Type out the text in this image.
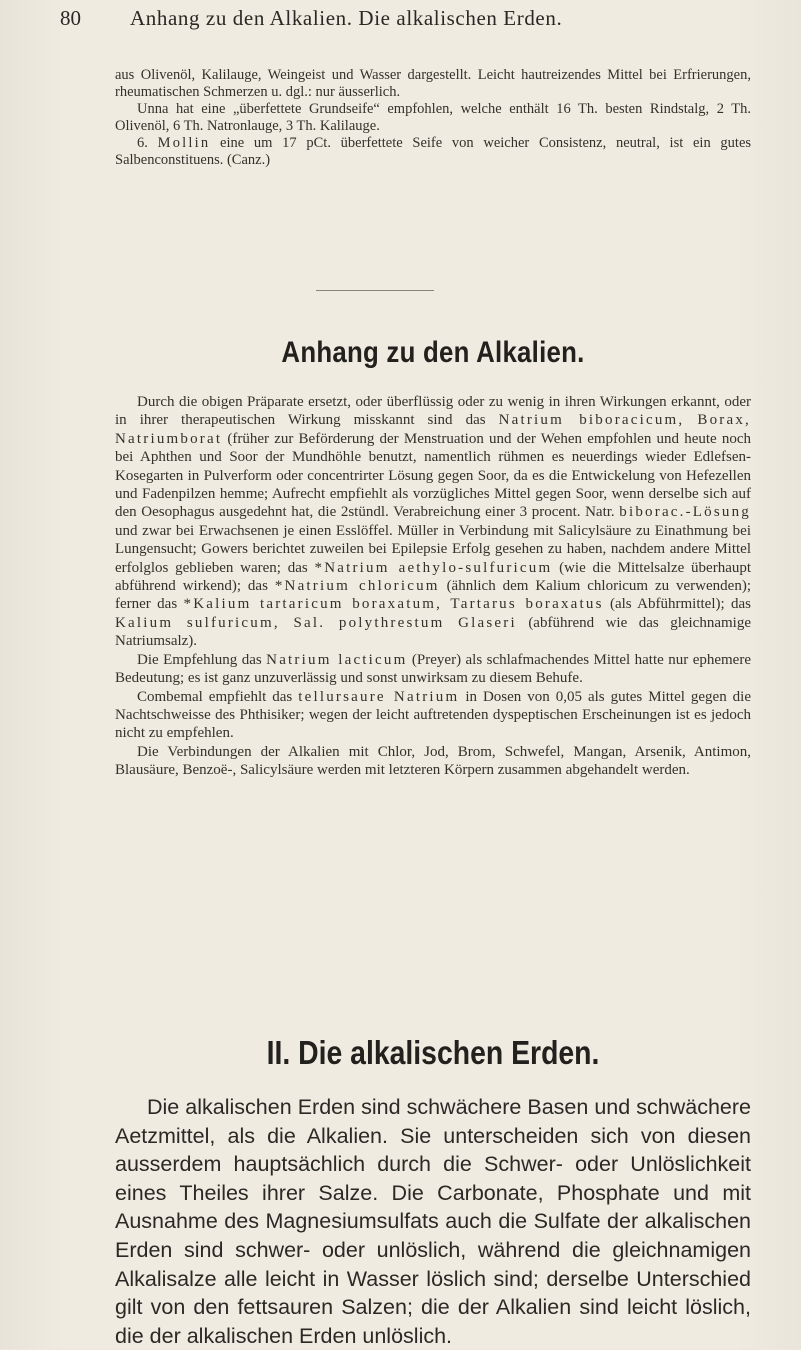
80 Anhang zu den Alkalien. Die alkalischen Erden.

aus Olivenöl, Kalilauge, Weingeist und Wasser dargestellt. Leicht hautreizendes Mittel bei Erfrierungen, rheumatischen Schmerzen u. dgl.: nur äusserlich.

Unna hat eine „überfettete Grundseife“ empfohlen, welche enthält 16 Th. besten Rindstalg, 2 Th. Olivenöl, 6 Th. Natronlauge, 3 Th. Kalilauge.

6. Mollin eine um 17 pCt. überfettete Seife von weicher Consistenz, neutral, ist ein gutes Salbenconstituens. (Canz.)

Anhang zu den Alkalien.

Durch die obigen Präparate ersetzt, oder überflüssig oder zu wenig in ihren Wirkungen erkannt, oder in ihrer therapeutischen Wirkung misskannt sind das Natrium biboracicum, Borax, Natriumborat (früher zur Beförderung der Menstruation und der Wehen empfohlen und heute noch bei Aphthen und Soor der Mundhöhle benutzt, namentlich rühmen es neuerdings wieder Edlefsen-Kosegarten in Pulverform oder concentrirter Lösung gegen Soor, da es die Entwickelung von Hefezellen und Fadenpilzen hemme; Aufrecht empfiehlt als vorzügliches Mittel gegen Soor, wenn derselbe sich auf den Oesophagus ausgedehnt hat, die 2stündl. Verabreichung einer 3 procent. Natr. biborac.-Lösung und zwar bei Erwachsenen je einen Esslöffel. Müller in Verbindung mit Salicylsäure zu Einathmung bei Lungensucht; Gowers berichtet zuweilen bei Epilepsie Erfolg gesehen zu haben, nachdem andere Mittel erfolglos geblieben waren; das *Natrium aethylo-sulfuricum (wie die Mittelsalze überhaupt abführend wirkend); das *Natrium chloricum (ähnlich dem Kalium chloricum zu verwenden); ferner das *Kalium tartaricum boraxatum, Tartarus boraxatus (als Abführmittel); das Kalium sulfuricum, Sal. polythrestum Glaseri (abführend wie das gleichnamige Natriumsalz).

Die Empfehlung das Natrium lacticum (Preyer) als schlafmachendes Mittel hatte nur ephemere Bedeutung; es ist ganz unzuverlässig und sonst unwirksam zu diesem Behufe.

Combemal empfiehlt das tellursaure Natrium in Dosen von 0,05 als gutes Mittel gegen die Nachtschweisse des Phthisiker; wegen der leicht auftretenden dyspeptischen Erscheinungen ist es jedoch nicht zu empfehlen.

Die Verbindungen der Alkalien mit Chlor, Jod, Brom, Schwefel, Mangan, Arsenik, Antimon, Blausäure, Benzoë-, Salicylsäure werden mit letzteren Körpern zusammen abgehandelt werden.

II. Die alkalischen Erden.

Die alkalischen Erden sind schwächere Basen und schwächere Aetzmittel, als die Alkalien. Sie unterscheiden sich von diesen ausserdem hauptsächlich durch die Schwer- oder Unlöslichkeit eines Theiles ihrer Salze. Die Carbonate, Phosphate und mit Ausnahme des Magnesiumsulfats auch die Sulfate der alkalischen Erden sind schwer- oder unlöslich, während die gleichnamigen Alkalisalze alle leicht in Wasser löslich sind; derselbe Unterschied gilt von den fettsauren Salzen; die der Alkalien sind leicht löslich, die der alkalischen Erden unlöslich.
